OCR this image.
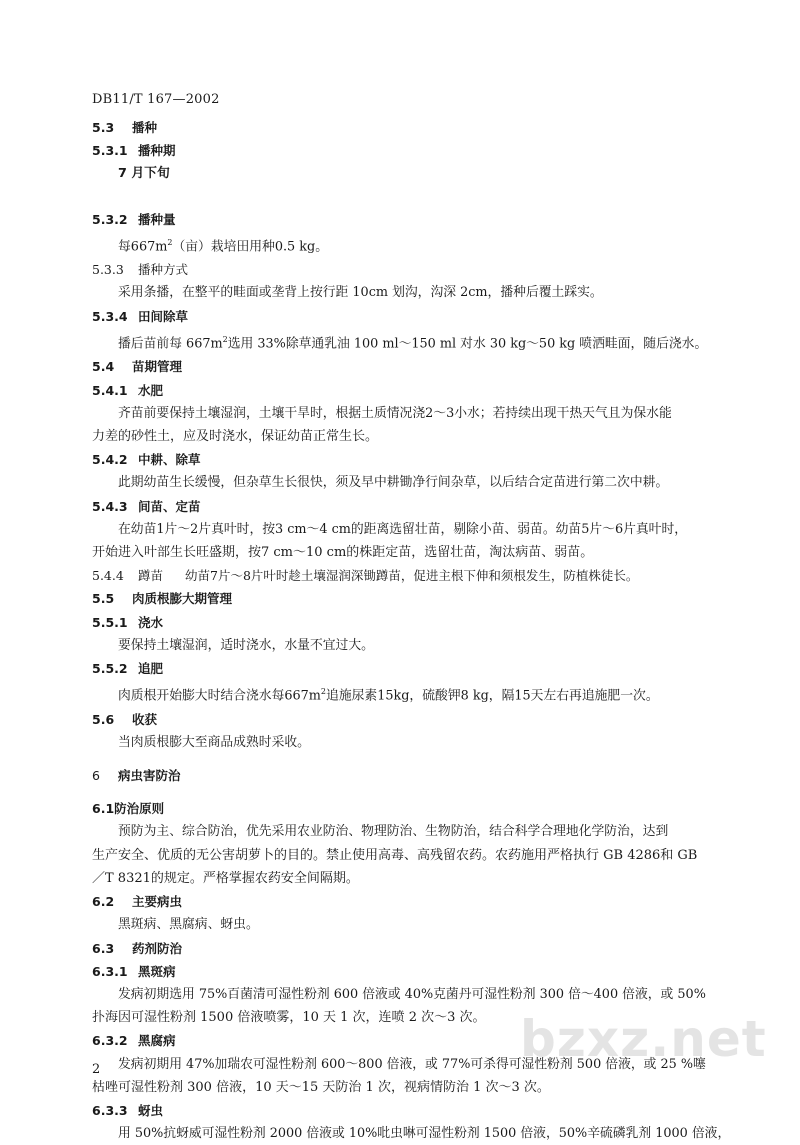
DB11/T 167—2002
5.3 播种
5.3.1 播种期
7 月下旬
5.3.2 播种量
每$667m^2$（亩）栽培田用种0.5 kg。
5.3.3 播种方式
采用条播，在整平的畦面或垄背上按行距 10cm 划沟，沟深 2cm，播种后覆土踩实。
5.3.4 田间除草
播后苗前每 $667m^2$选用 33%除草通乳油 100 ml～150 ml 对水 30 kg～50 kg 喷洒畦面，随后浇水。
5.4 苗期管理
5.4.1 水肥
齐苗前要保持土壤湿润，土壤干旱时，根据土质情况浇2～3小水；若持续出现干热天气且为保水能
力差的砂性土，应及时浇水，保证幼苗正常生长。
5.4.2 中耕、除草
此期幼苗生长缓慢，但杂草生长很快，须及早中耕锄净行间杂草，以后结合定苗进行第二次中耕。
5.4.3 间苗、定苗
在幼苗1片～2片真叶时，按3 cm～4 cm的距离选留壮苗，剔除小苗、弱苗。幼苗5片～6片真叶时，
开始进入叶部生长旺盛期，按7 cm～10 cm的株距定苗，选留壮苗，淘汰病苗、弱苗。
5.4.4 蹲苗 幼苗7片～8片叶时趁土壤湿润深锄蹲苗，促进主根下伸和须根发生，防植株徒长。
5.5 肉质根膨大期管理
5.5.1 浇水
要保持土壤湿润，适时浇水，水量不宜过大。
5.5.2 追肥
肉质根开始膨大时结合浇水每$667m^2$追施尿素15kg，硫酸钾8 kg，隔15天左右再追施肥一次。
5.6 收获
当肉质根膨大至商品成熟时采收。
6 病虫害防治
6.1防治原则
预防为主、综合防治，优先采用农业防治、物理防治、生物防治，结合科学合理地化学防治，达到
生产安全、优质的无公害胡萝卜的目的。禁止使用高毒、高残留农药。农药施用严格执行 GB 4286和 GB
／T 8321的规定。严格掌握农药安全间隔期。
6.2 主要病虫
黑斑病、黑腐病、蚜虫。
6.3 药剂防治
6.3.1 黑斑病
发病初期选用 75%百菌清可湿性粉剂 600 倍液或 40%克菌丹可湿性粉剂 300 倍～400 倍液，或 50%
扑海因可湿性粉剂 1500 倍液喷雾，10 天 1 次，连喷 2 次～3 次。
6.3.2 黑腐病
发病初期用 47%加瑞农可湿性粉剂 600～800 倍液，或 77%可杀得可湿性粉剂 500 倍液，或 25 %噻
枯唑可湿性粉剂 300 倍液，10 天～15 天防治 1 次，视病情防治 1 次～3 次。
6.3.3 蚜虫
用 50%抗蚜威可湿性粉剂 2000 倍液或 10%吡虫啉可湿性粉剂 1500 倍液，50%辛硫磷乳剂 1000 倍液，
bzxz.net
2
